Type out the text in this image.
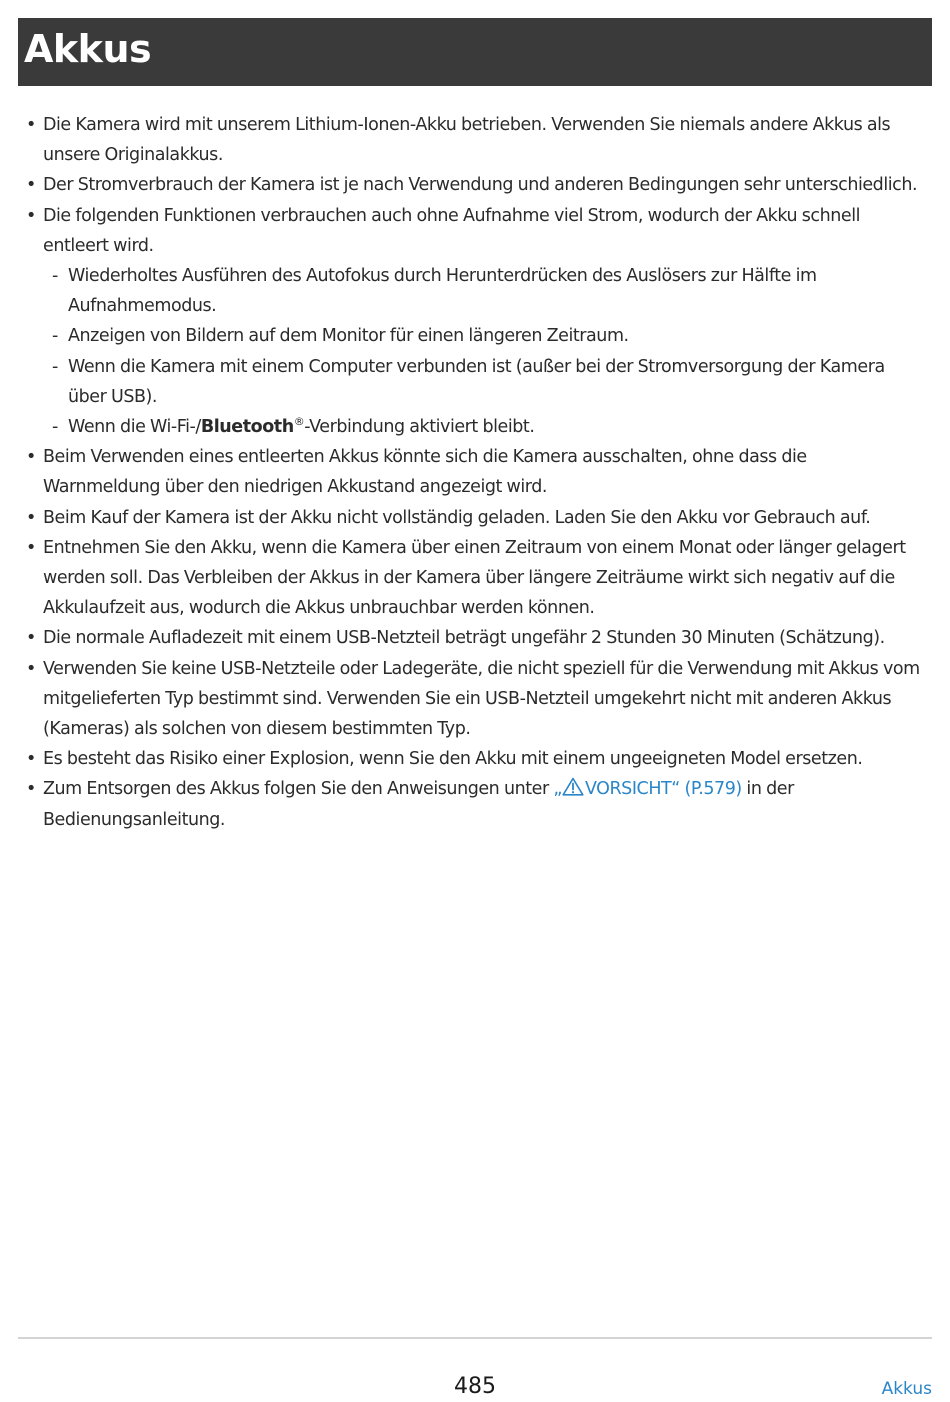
Akkus
• Die Kamera wird mit unserem Lithium-Ionen-Akku betrieben. Verwenden Sie niemals andere Akkus als unsere Originalakkus.
• Der Stromverbrauch der Kamera ist je nach Verwendung und anderen Bedingungen sehr unterschiedlich.
• Die folgenden Funktionen verbrauchen auch ohne Aufnahme viel Strom, wodurch der Akku schnell entleert wird.
- Wiederholtes Ausführen des Autofokus durch Herunterdrücken des Auslösers zur Hälfte im Aufnahmemodus.
- Anzeigen von Bildern auf dem Monitor für einen längeren Zeitraum.
- Wenn die Kamera mit einem Computer verbunden ist (außer bei der Stromversorgung der Kamera über USB).
- Wenn die Wi-Fi-/Bluetooth®-Verbindung aktiviert bleibt.
• Beim Verwenden eines entleerten Akkus könnte sich die Kamera ausschalten, ohne dass die Warnmeldung über den niedrigen Akkustand angezeigt wird.
• Beim Kauf der Kamera ist der Akku nicht vollständig geladen. Laden Sie den Akku vor Gebrauch auf.
• Entnehmen Sie den Akku, wenn die Kamera über einen Zeitraum von einem Monat oder länger gelagert werden soll. Das Verbleiben der Akkus in der Kamera über längere Zeiträume wirkt sich negativ auf die Akkulaufzeit aus, wodurch die Akkus unbrauchbar werden können.
• Die normale Aufladezeit mit einem USB-Netzteil beträgt ungefähr 2 Stunden 30 Minuten (Schätzung).
• Verwenden Sie keine USB-Netzteile oder Ladegeräte, die nicht speziell für die Verwendung mit Akkus vom mitgelieferten Typ bestimmt sind. Verwenden Sie ein USB-Netzteil umgekehrt nicht mit anderen Akkus (Kameras) als solchen von diesem bestimmten Typ.
• Es besteht das Risiko einer Explosion, wenn Sie den Akku mit einem ungeeigneten Model ersetzen.
• Zum Entsorgen des Akkus folgen Sie den Anweisungen unter „ VORSICHT“ (P.579) in der Bedienungsanleitung.
485	Akkus
